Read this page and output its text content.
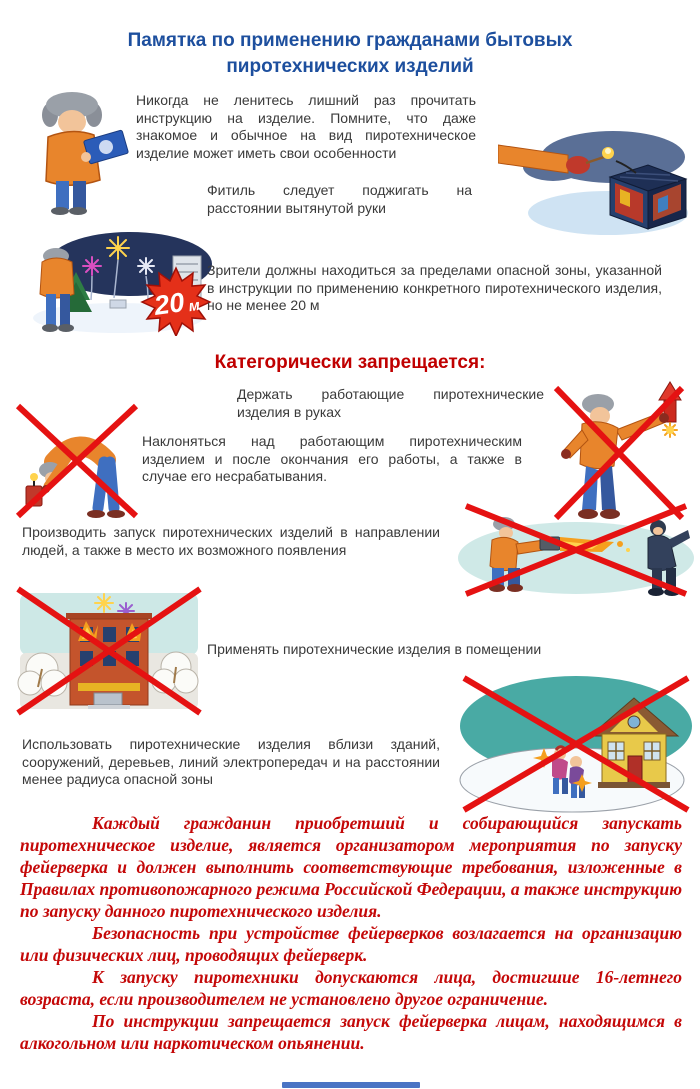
Памятка по применению гражданами бытовых пиротехнических изделий
Никогда не ленитесь лишний раз прочитать инструкцию на изделие. Помните, что даже знакомое и обычное на вид пиротехническое изделие может иметь свои особенности
Фитиль следует поджигать на расстоянии вытянутой руки
20 м
Зрители должны находиться за пределами опасной зоны, указанной в инструкции по применению конкретного пиротехнического изделия, но не менее 20 м
Категорически запрещается:
Держать работающие пиротехнические изделия в руках
Наклоняться над работающим пиротехническим изделием и после окончания его работы, а также в случае его несрабатывания.
Производить запуск пиротехнических изделий в направлении людей, а также в место их возможного появления
Применять пиротехнические изделия в помещении
Использовать пиротехнические изделия вблизи зданий, сооружений, деревьев, линий электропередач и на расстоянии менее радиуса опасной зоны

Каждый гражданин приобретший и собирающийся запускать пиротехническое изделие, является организатором мероприятия по запуску фейерверка и должен выполнить соответствующие требования, изложенные в Правилах противопожарного режима Российской Федерации, а также инструкцию по запуску данного пиротехнического изделия.

Безопасность при устройстве фейерверков возлагается на организацию или физических лиц, проводящих фейерверк.

К запуску пиротехники допускаются лица, достигшие 16-летнего возраста, если производителем не установлено другое ограничение.

По инструкции запрещается запуск фейерверка лицам, находящимся в алкогольном или наркотическом опьянении.
